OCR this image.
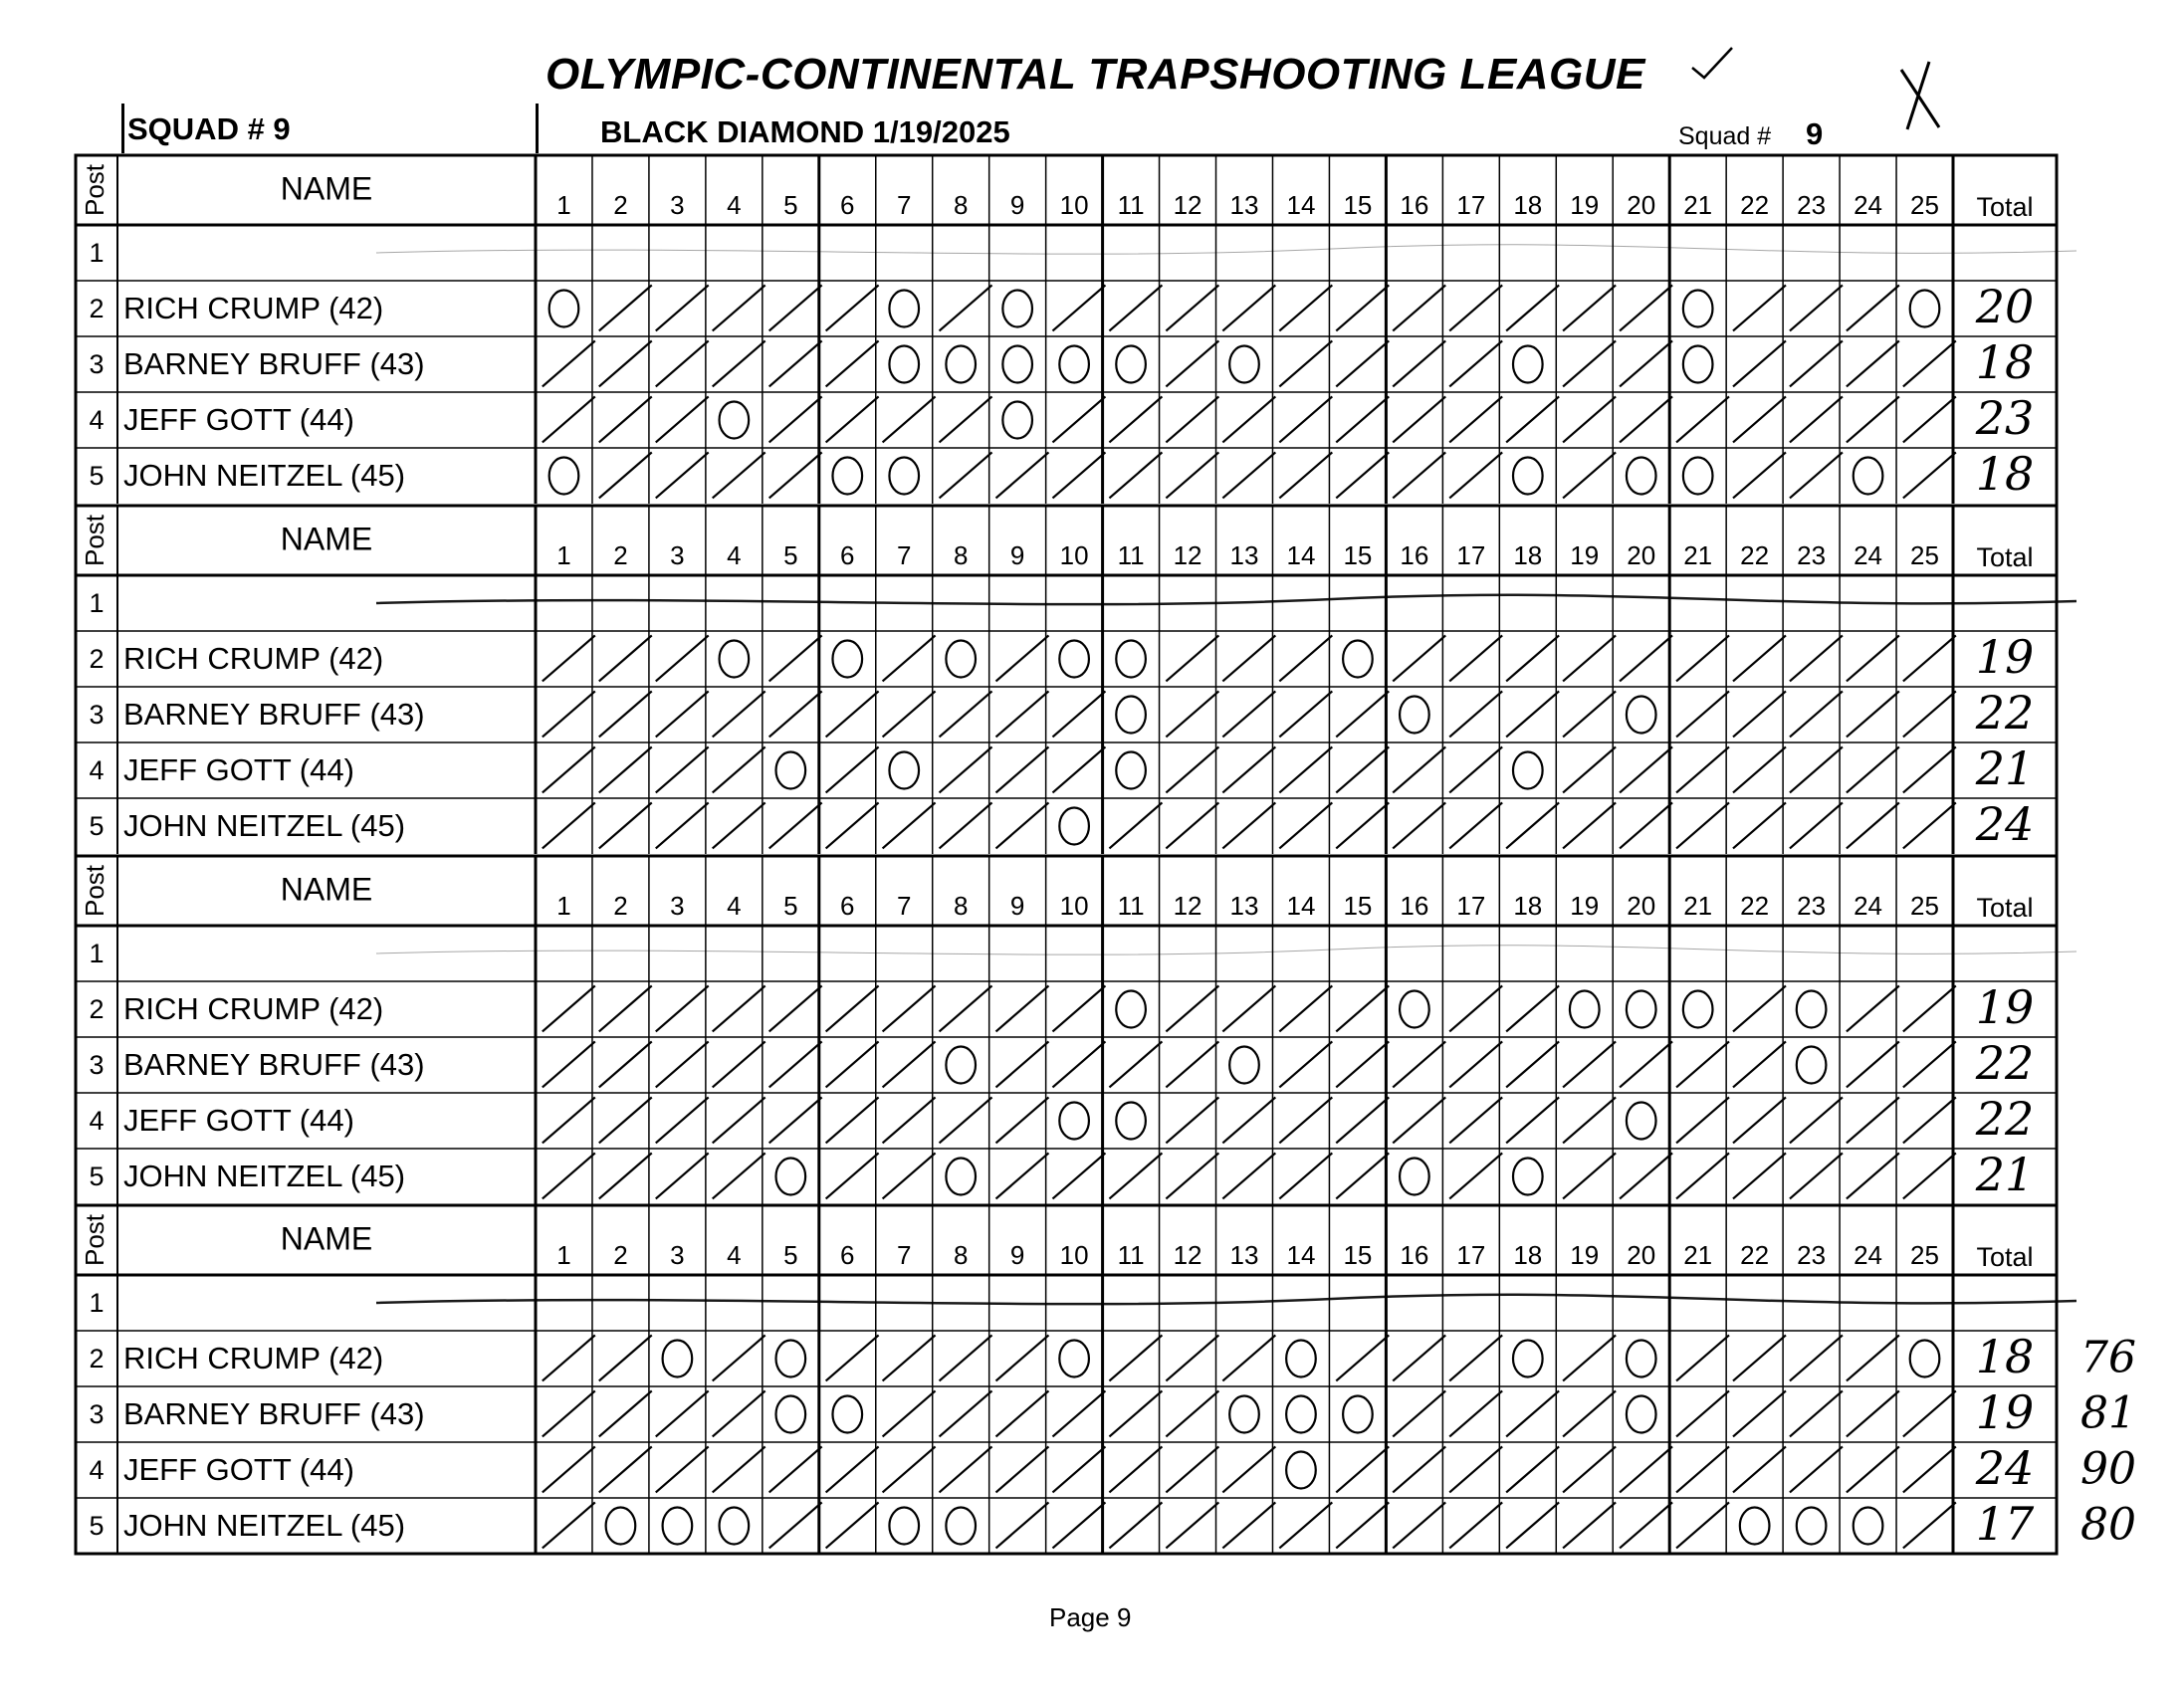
OLYMPIC-CONTINENTAL TRAPSHOOTING LEAGUE
SQUAD # 9	BLACK DIAMOND 1/19/2025	Squad # 9
Post	NAME	1 2 3 4 5 6 7 8 9 10 11 12 13 14 15 16 17 18 19 20 21 22 23 24 25 Total
1
2 RICH CRUMP (42)	20
3 BARNEY BRUFF (43)	18
4 JEFF GOTT (44)	23
5 JOHN NEITZEL (45)	18
Post	NAME	1 2 3 4 5 6 7 8 9 10 11 12 13 14 15 16 17 18 19 20 21 22 23 24 25 Total
1
2 RICH CRUMP (42)	19
3 BARNEY BRUFF (43)	22
4 JEFF GOTT (44)	21
5 JOHN NEITZEL (45)	24
Post	NAME	1 2 3 4 5 6 7 8 9 10 11 12 13 14 15 16 17 18 19 20 21 22 23 24 25 Total
1
2 RICH CRUMP (42)	19
3 BARNEY BRUFF (43)	22
4 JEFF GOTT (44)	22
5 JOHN NEITZEL (45)	21
Post	NAME	1 2 3 4 5 6 7 8 9 10 11 12 13 14 15 16 17 18 19 20 21 22 23 24 25 Total
1
2 RICH CRUMP (42)	18 76
3 BARNEY BRUFF (43)	19 81
4 JEFF GOTT (44)	24 90
5 JOHN NEITZEL (45)	17 80
Page 9
